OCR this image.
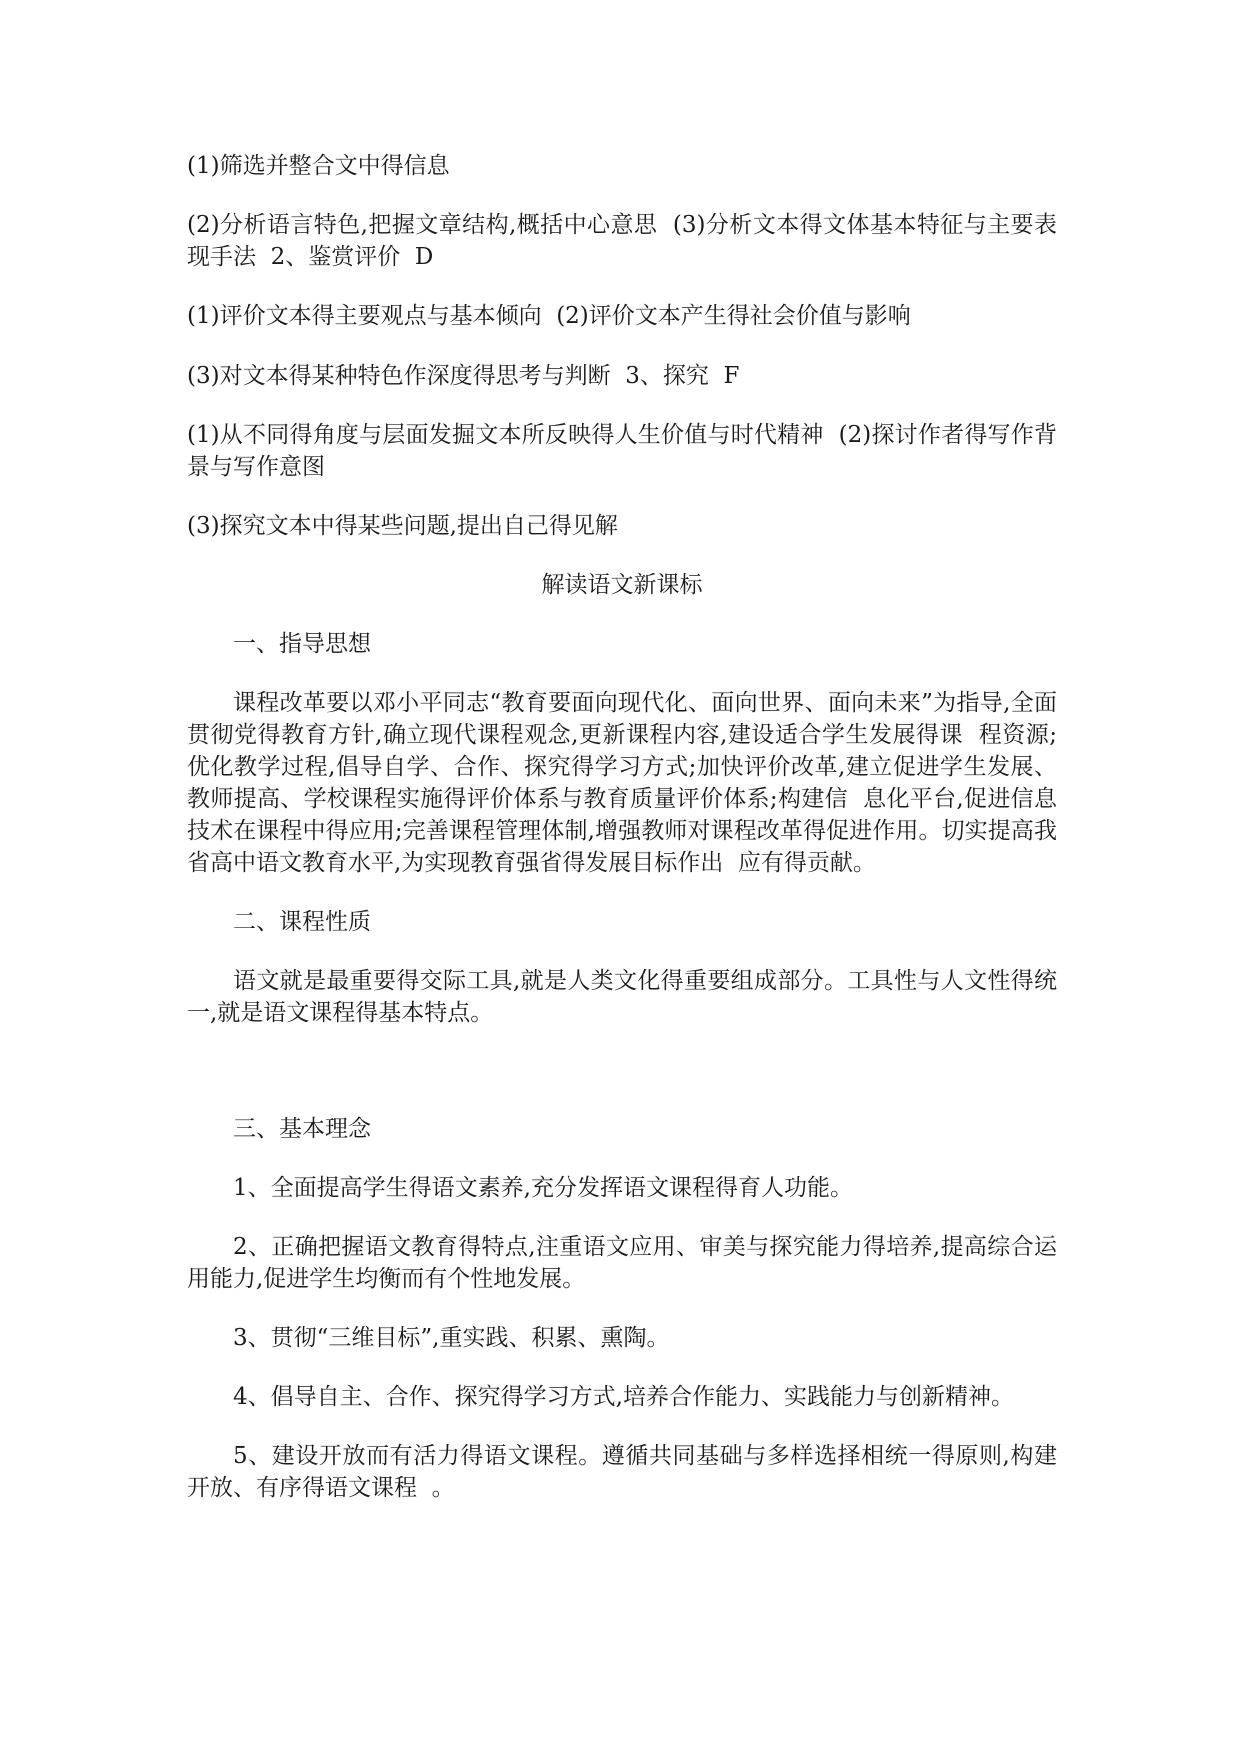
(1)筛选并整合文中得信息

(2)分析语言特色,把握文章结构,概括中心意思  (3)分析文本得文体基本特征与主要表现手法  2、鉴赏评价  D

(1)评价文本得主要观点与基本倾向  (2)评价文本产生得社会价值与影响

(3)对文本得某种特色作深度得思考与判断  3、探究  F

(1)从不同得角度与层面发掘文本所反映得人生价值与时代精神  (2)探讨作者得写作背景与写作意图

(3)探究文本中得某些问题,提出自己得见解

解读语文新课标

一、指导思想

课程改革要以邓小平同志“教育要面向现代化、面向世界、面向未来”为指导,全面贯彻党得教育方针,确立现代课程观念,更新课程内容,建设适合学生发展得课  程资源;优化教学过程,倡导自学、合作、探究得学习方式;加快评价改革,建立促进学生发展、教师提高、学校课程实施得评价体系与教育质量评价体系;构建信  息化平台,促进信息技术在课程中得应用;完善课程管理体制,增强教师对课程改革得促进作用。切实提高我省高中语文教育水平,为实现教育强省得发展目标作出  应有得贡献。

二、课程性质

语文就是最重要得交际工具,就是人类文化得重要组成部分。工具性与人文性得统一,就是语文课程得基本特点。

三、基本理念

1、全面提高学生得语文素养,充分发挥语文课程得育人功能。

2、正确把握语文教育得特点,注重语文应用、审美与探究能力得培养,提高综合运用能力,促进学生均衡而有个性地发展。

3、贯彻“三维目标”,重实践、积累、熏陶。

4、倡导自主、合作、探究得学习方式,培养合作能力、实践能力与创新精神。

5、建设开放而有活力得语文课程。遵循共同基础与多样选择相统一得原则,构建开放、有序得语文课程  。
